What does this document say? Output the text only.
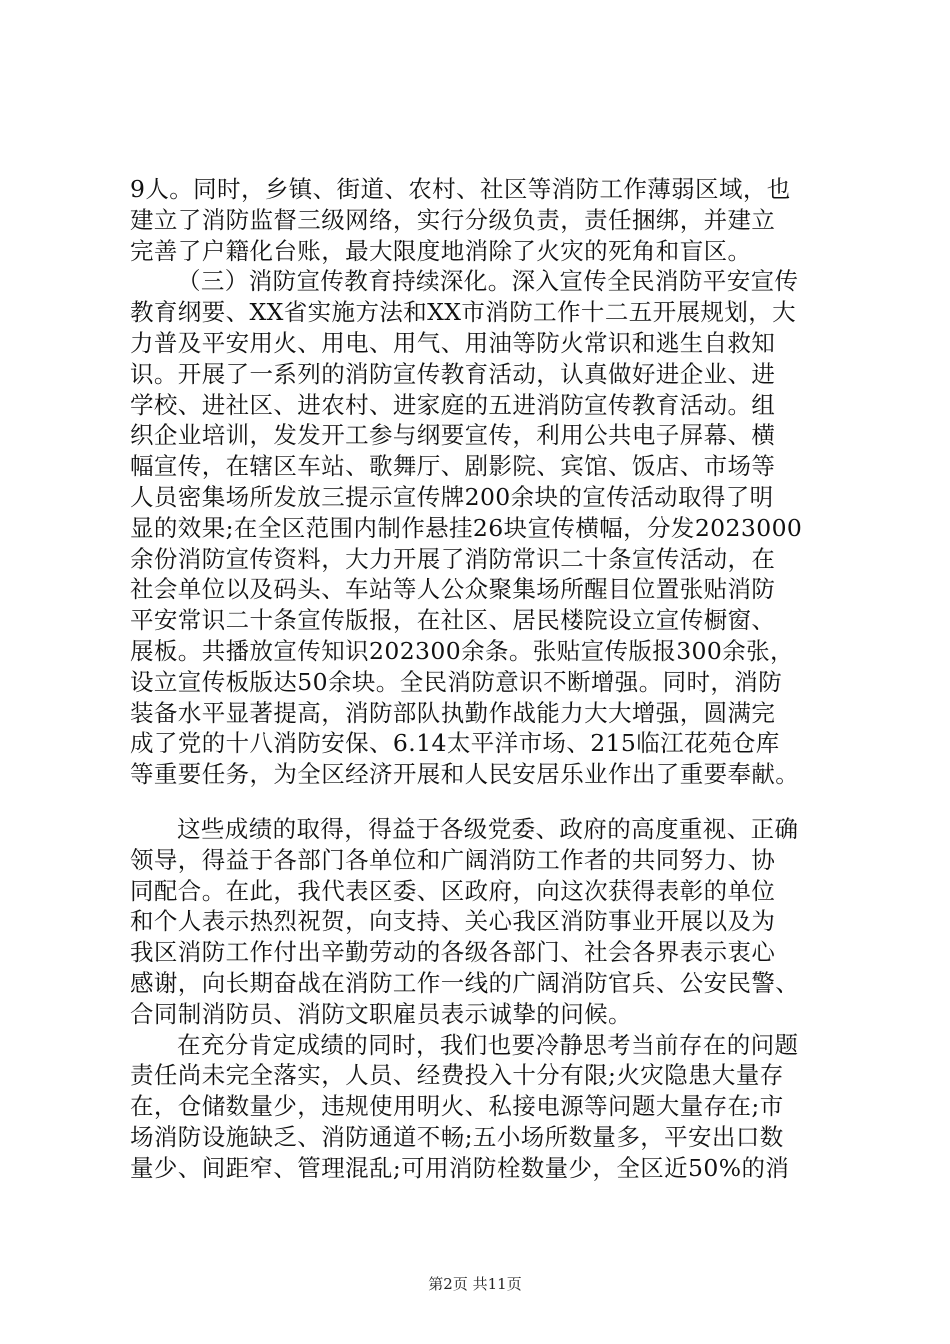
9人。同时，乡镇、街道、农村、社区等消防工作薄弱区域，也
建立了消防监督三级网络，实行分级负责，责任捆绑，并建立
完善了户籍化台账，最大限度地消除了火灾的死角和盲区。
（三）消防宣传教育持续深化。深入宣传全民消防平安宣传
教育纲要、XX省实施方法和XX市消防工作十二五开展规划，大
力普及平安用火、用电、用气、用油等防火常识和逃生自救知
识。开展了一系列的消防宣传教育活动，认真做好进企业、进
学校、进社区、进农村、进家庭的五进消防宣传教育活动。组
织企业培训，发发开工参与纲要宣传，利用公共电子屏幕、横
幅宣传，在辖区车站、歌舞厅、剧影院、宾馆、饭店、市场等
人员密集场所发放三提示宣传牌200余块的宣传活动取得了明
显的效果;在全区范围内制作悬挂26块宣传横幅，分发2023000
余份消防宣传资料，大力开展了消防常识二十条宣传活动，在
社会单位以及码头、车站等人公众聚集场所醒目位置张贴消防
平安常识二十条宣传版报，在社区、居民楼院设立宣传橱窗、
展板。共播放宣传知识202300余条。张贴宣传版报300余张，
设立宣传板版达50余块。全民消防意识不断增强。同时，消防
装备水平显著提高，消防部队执勤作战能力大大增强，圆满完
成了党的十八消防安保、6.14太平洋市场、215临江花苑仓库
等重要任务，为全区经济开展和人民安居乐业作出了重要奉献。
这些成绩的取得，得益于各级党委、政府的高度重视、正确
领导，得益于各部门各单位和广阔消防工作者的共同努力、协
同配合。在此，我代表区委、区政府，向这次获得表彰的单位
和个人表示热烈祝贺，向支持、关心我区消防事业开展以及为
我区消防工作付出辛勤劳动的各级各部门、社会各界表示衷心
感谢，向长期奋战在消防工作一线的广阔消防官兵、公安民警、
合同制消防员、消防文职雇员表示诚挚的问候。
在充分肯定成绩的同时，我们也要冷静思考当前存在的问题
责任尚未完全落实，人员、经费投入十分有限;火灾隐患大量存
在，仓储数量少，违规使用明火、私接电源等问题大量存在;市
场消防设施缺乏、消防通道不畅;五小场所数量多，平安出口数
量少、间距窄、管理混乱;可用消防栓数量少，全区近50%的消
第2页 共11页
